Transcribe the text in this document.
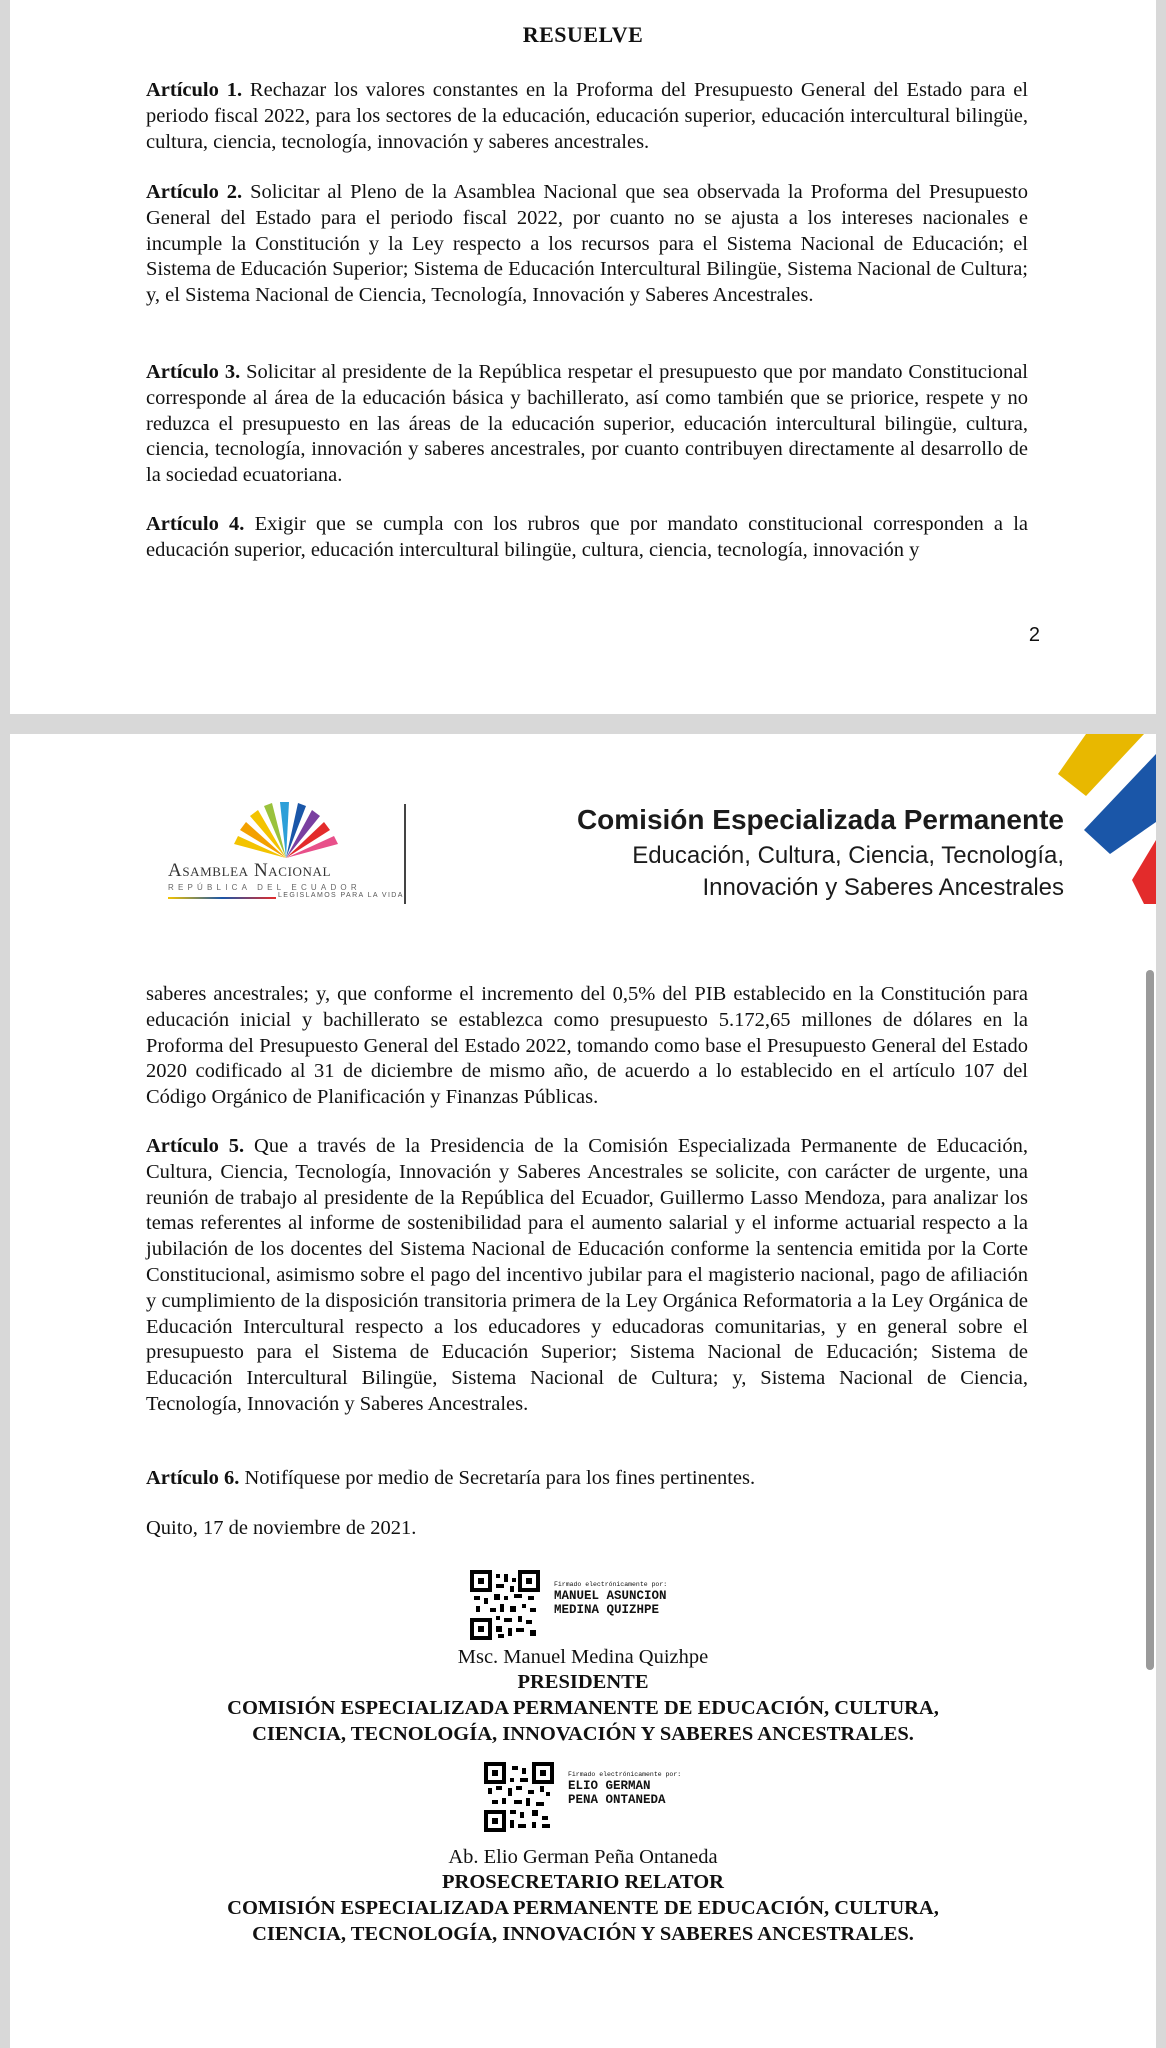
RESUELVE
Artículo 1. Rechazar los valores constantes en la Proforma del Presupuesto General del Estado para el periodo fiscal 2022, para los sectores de la educación, educación superior, educación intercultural bilingüe, cultura, ciencia, tecnología, innovación y saberes ancestrales.
Artículo 2. Solicitar al Pleno de la Asamblea Nacional que sea observada la Proforma del Presupuesto General del Estado para el periodo fiscal 2022, por cuanto no se ajusta a los intereses nacionales e incumple la Constitución y la Ley respecto a los recursos para el Sistema Nacional de Educación; el Sistema de Educación Superior; Sistema de Educación Intercultural Bilingüe, Sistema Nacional de Cultura; y, el Sistema Nacional de Ciencia, Tecnología, Innovación y Saberes Ancestrales.
Artículo 3. Solicitar al presidente de la República respetar el presupuesto que por mandato Constitucional corresponde al área de la educación básica y bachillerato, así como también que se priorice, respete y no reduzca el presupuesto en las áreas de la educación superior, educación intercultural bilingüe, cultura, ciencia, tecnología, innovación y saberes ancestrales, por cuanto contribuyen directamente al desarrollo de la sociedad ecuatoriana.
Artículo 4. Exigir que se cumpla con los rubros que por mandato constitucional corresponden a la educación superior, educación intercultural bilingüe, cultura, ciencia, tecnología, innovación y
2
Asamblea Nacional
REPÚBLICA DEL ECUADOR
LEGISLAMOS PARA LA VIDA
Comisión Especializada Permanente
Educación, Cultura, Ciencia, Tecnología,
Innovación y Saberes Ancestrales
saberes ancestrales; y, que conforme el incremento del 0,5% del PIB establecido en la Constitución para educación inicial y bachillerato se establezca como presupuesto 5.172,65 millones de dólares en la Proforma del Presupuesto General del Estado 2022, tomando como base el Presupuesto General del Estado 2020 codificado al 31 de diciembre de mismo año, de acuerdo a lo establecido en el artículo 107 del Código Orgánico de Planificación y Finanzas Públicas.
Artículo 5. Que a través de la Presidencia de la Comisión Especializada Permanente de Educación, Cultura, Ciencia, Tecnología, Innovación y Saberes Ancestrales se solicite, con carácter de urgente, una reunión de trabajo al presidente de la República del Ecuador, Guillermo Lasso Mendoza, para analizar los temas referentes al informe de sostenibilidad para el aumento salarial y el informe actuarial respecto a la jubilación de los docentes del Sistema Nacional de Educación conforme la sentencia emitida por la Corte Constitucional, asimismo sobre el pago del incentivo jubilar para el magisterio nacional, pago de afiliación y cumplimiento de la disposición transitoria primera de la Ley Orgánica Reformatoria a la Ley Orgánica de Educación Intercultural respecto a los educadores y educadoras comunitarias, y en general sobre el presupuesto para el Sistema de Educación Superior; Sistema Nacional de Educación; Sistema de Educación Intercultural Bilingüe, Sistema Nacional de Cultura; y, Sistema Nacional de Ciencia, Tecnología, Innovación y Saberes Ancestrales.
Artículo 6. Notifíquese por medio de Secretaría para los fines pertinentes.
Quito, 17 de noviembre de 2021.
Firmado electrónicamente por:
MANUEL ASUNCION
MEDINA QUIZHPE
Msc. Manuel Medina Quizhpe
PRESIDENTE
COMISIÓN ESPECIALIZADA PERMANENTE DE EDUCACIÓN, CULTURA,
CIENCIA, TECNOLOGÍA, INNOVACIÓN Y SABERES ANCESTRALES.
Firmado electrónicamente por:
ELIO GERMAN
PENA ONTANEDA
Ab. Elio German Peña Ontaneda
PROSECRETARIO RELATOR
COMISIÓN ESPECIALIZADA PERMANENTE DE EDUCACIÓN, CULTURA,
CIENCIA, TECNOLOGÍA, INNOVACIÓN Y SABERES ANCESTRALES.
